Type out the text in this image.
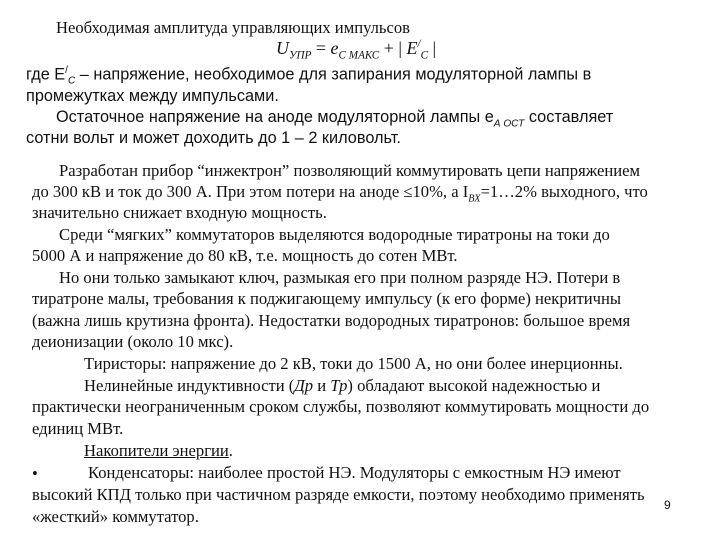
Необходимая амплитуда управляющих импульсов
$U_{УПР} = e_{С МАКС}$ + | $E^/_C$ |
где $E^/_C$ – напряжение, необходимое для запирания модуляторной лампы в
промежутках между импульсами.
Остаточное напряжение на аноде модуляторной лампы $e_{А ОСТ}$ составляет
сотни вольт и может доходить до 1 – 2 киловольт.
Разработан прибор “инжектрон” позволяющий коммутировать цепи напряжением
до 300 кВ и ток до 300 А. При этом потери на аноде ≤10%, а $I_{ВХ}=1\dots 2\%$ выходного, что
значительно снижает входную мощность.
Среди “мягких” коммутаторов выделяются водородные тиратроны на токи до
5000 А и напряжение до 80 кВ, т.е. мощность до сотен МВт.
Но они только замыкают ключ, размыкая его при полном разряде НЭ. Потери в
тиратроне малы, требования к поджигающему импульсу (к его форме) некритичны
(важна лишь крутизна фронта). Недостатки водородных тиратронов: большое время
деионизации (около 10 мкс).
Тиристоры: напряжение до 2 кВ, токи до 1500 А, но они более инерционны.
Нелинейные индуктивности (Др и Тр) обладают высокой надежностью и
практически неограниченным сроком службы, позволяют коммутировать мощности до
единиц МВт.
Накопители энергии.
•	Конденсаторы: наиболее простой НЭ. Модуляторы с емкостным НЭ имеют
высокий КПД только при частичном разряде емкости, поэтому необходимо применять
«жесткий» коммутатор.
9
